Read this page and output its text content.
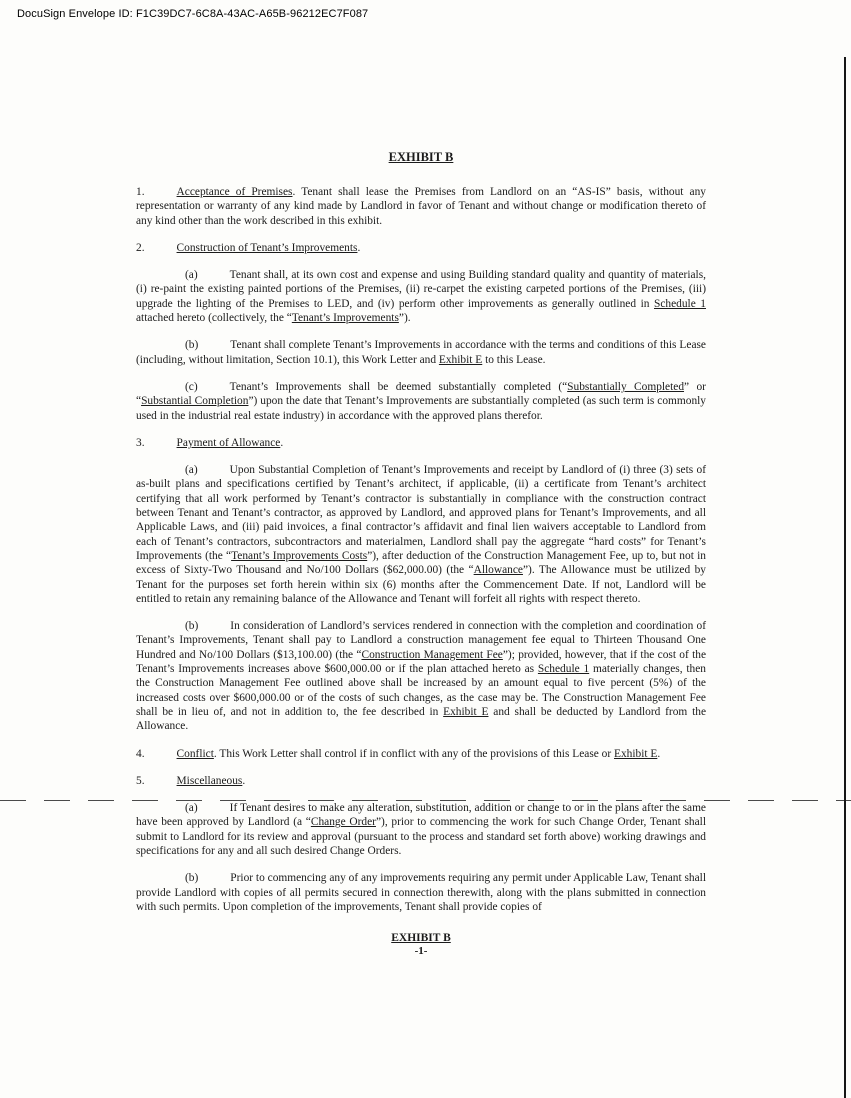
DocuSign Envelope ID: F1C39DC7-6C8A-43AC-A65B-96212EC7F087
EXHIBIT B

1.	Acceptance of Premises. Tenant shall lease the Premises from Landlord on an “AS-IS” basis, without any representation or warranty of any kind made by Landlord in favor of Tenant and without change or modification thereto of any kind other than the work described in this exhibit.

2.	Construction of Tenant’s Improvements.

(a)	Tenant shall, at its own cost and expense and using Building standard quality and quantity of materials, (i) re-paint the existing painted portions of the Premises, (ii) re-carpet the existing carpeted portions of the Premises, (iii) upgrade the lighting of the Premises to LED, and (iv) perform other improvements as generally outlined in Schedule 1 attached hereto (collectively, the “Tenant’s Improvements”).

(b)	Tenant shall complete Tenant’s Improvements in accordance with the terms and conditions of this Lease (including, without limitation, Section 10.1), this Work Letter and Exhibit E to this Lease.

(c)	Tenant’s Improvements shall be deemed substantially completed (“Substantially Completed” or “Substantial Completion”) upon the date that Tenant’s Improvements are substantially completed (as such term is commonly used in the industrial real estate industry) in accordance with the approved plans therefor.

3.	Payment of Allowance.

(a)	Upon Substantial Completion of Tenant’s Improvements and receipt by Landlord of (i) three (3) sets of as-built plans and specifications certified by Tenant’s architect, if applicable, (ii) a certificate from Tenant’s architect certifying that all work performed by Tenant’s contractor is substantially in compliance with the construction contract between Tenant and Tenant’s contractor, as approved by Landlord, and approved plans for Tenant’s Improvements, and all Applicable Laws, and (iii) paid invoices, a final contractor’s affidavit and final lien waivers acceptable to Landlord from each of Tenant’s contractors, subcontractors and materialmen, Landlord shall pay the aggregate “hard costs” for Tenant’s Improvements (the “Tenant’s Improvements Costs”), after deduction of the Construction Management Fee, up to, but not in excess of Sixty-Two Thousand and No/100 Dollars ($62,000.00) (the “Allowance”). The Allowance must be utilized by Tenant for the purposes set forth herein within six (6) months after the Commencement Date. If not, Landlord will be entitled to retain any remaining balance of the Allowance and Tenant will forfeit all rights with respect thereto.

(b)	In consideration of Landlord’s services rendered in connection with the completion and coordination of Tenant’s Improvements, Tenant shall pay to Landlord a construction management fee equal to Thirteen Thousand One Hundred and No/100 Dollars ($13,100.00) (the “Construction Management Fee”); provided, however, that if the cost of the Tenant’s Improvements increases above $600,000.00 or if the plan attached hereto as Schedule 1 materially changes, then the Construction Management Fee outlined above shall be increased by an amount equal to five percent (5%) of the increased costs over $600,000.00 or of the costs of such changes, as the case may be. The Construction Management Fee shall be in lieu of, and not in addition to, the fee described in Exhibit E and shall be deducted by Landlord from the Allowance.

4.	Conflict. This Work Letter shall control if in conflict with any of the provisions of this Lease or Exhibit E.

5.	Miscellaneous.

(a)	If Tenant desires to make any alteration, substitution, addition or change to or in the plans after the same have been approved by Landlord (a “Change Order”), prior to commencing the work for such Change Order, Tenant shall submit to Landlord for its review and approval (pursuant to the process and standard set forth above) working drawings and specifications for any and all such desired Change Orders.

(b)	Prior to commencing any of any improvements requiring any permit under Applicable Law, Tenant shall provide Landlord with copies of all permits secured in connection therewith, along with the plans submitted in connection with such permits. Upon completion of the improvements, Tenant shall provide copies of

EXHIBIT B
-1-
